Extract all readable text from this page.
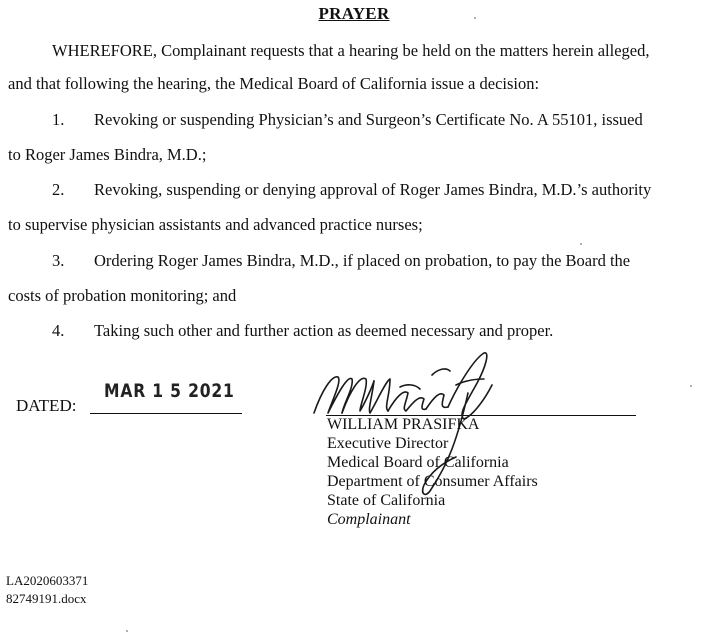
PRAYER
WHEREFORE, Complainant requests that a hearing be held on the matters herein alleged,
and that following the hearing, the Medical Board of California issue a decision:
1. Revoking or suspending Physician’s and Surgeon’s Certificate No. A 55101, issued
to Roger James Bindra, M.D.;
2. Revoking, suspending or denying approval of Roger James Bindra, M.D.’s authority
to supervise physician assistants and advanced practice nurses;
3. Ordering Roger James Bindra, M.D., if placed on probation, to pay the Board the
costs of probation monitoring; and
4. Taking such other and further action as deemed necessary and proper.
DATED:
MAR 1 5 2021
WILLIAM PRASIFKA
Executive Director
Medical Board of California
Department of Consumer Affairs
State of California
Complainant
LA2020603371
82749191.docx
